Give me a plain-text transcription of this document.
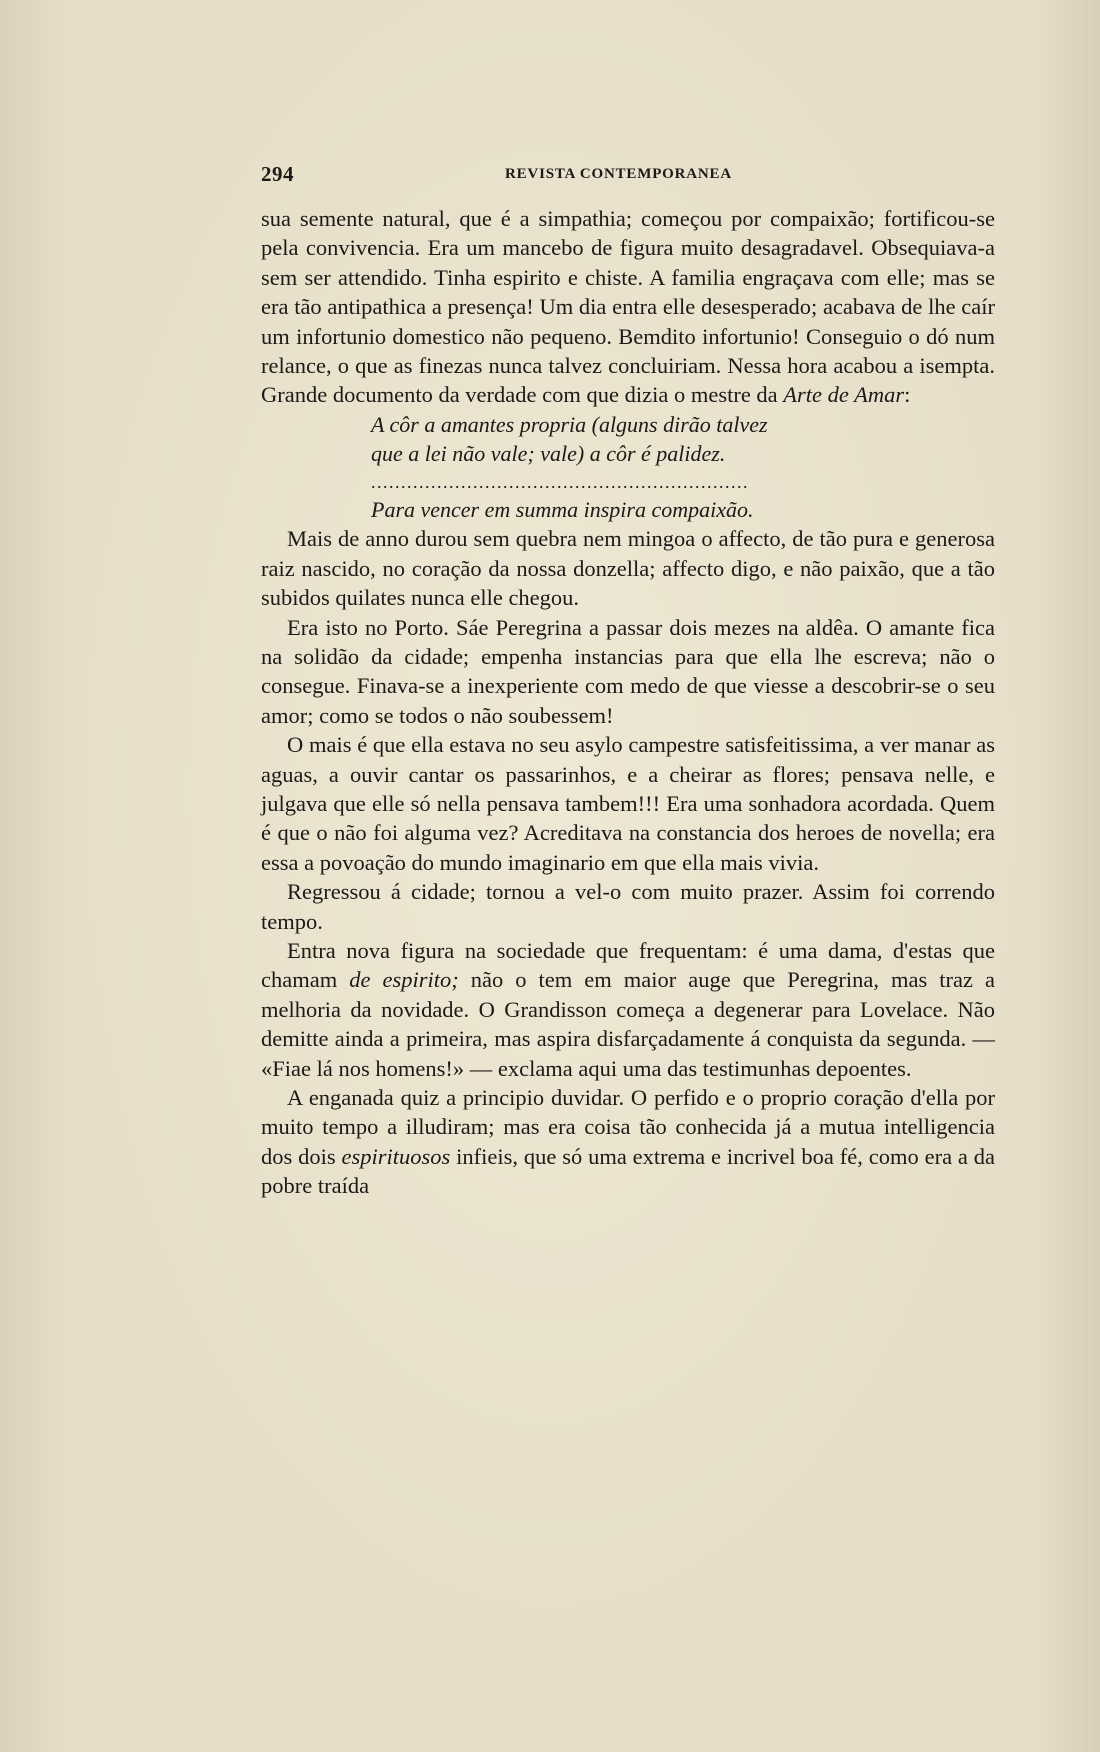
294	REVISTA CONTEMPORANEA

sua semente natural, que é a simpathia; começou por compaixão; fortificou-se pela convivencia. Era um mancebo de figura muito desagradavel. Obsequiava-a sem ser attendido. Tinha espirito e chiste. A familia engraçava com elle; mas se era tão antipathica a presença! Um dia entra elle desesperado; acabava de lhe caír um infortunio domestico não pequeno. Bemdito infortunio! Conseguio o dó num relance, o que as finezas nunca talvez concluiriam. Nessa hora acabou a isempta. Grande documento da verdade com que dizia o mestre da Arte de Amar:

A côr a amantes propria (alguns dirão talvez

que a lei não vale; vale) a côr é palidez.

...............................................................

Para vencer em summa inspira compaixão.

Mais de anno durou sem quebra nem mingoa o affecto, de tão pura e generosa raiz nascido, no coração da nossa donzella; affecto digo, e não paixão, que a tão subidos quilates nunca elle chegou.

Era isto no Porto. Sáe Peregrina a passar dois mezes na aldêa. O amante fica na solidão da cidade; empenha instancias para que ella lhe escreva; não o consegue. Finava-se a inexperiente com medo de que viesse a descobrir-se o seu amor; como se todos o não soubessem!

O mais é que ella estava no seu asylo campestre satisfeitissima, a ver manar as aguas, a ouvir cantar os passarinhos, e a cheirar as flores; pensava nelle, e julgava que elle só nella pensava tambem!!! Era uma sonhadora acordada. Quem é que o não foi alguma vez? Acreditava na constancia dos heroes de novella; era essa a povoação do mundo imaginario em que ella mais vivia.

Regressou á cidade; tornou a vel-o com muito prazer. Assim foi correndo tempo.

Entra nova figura na sociedade que frequentam: é uma dama, d'estas que chamam de espirito; não o tem em maior auge que Peregrina, mas traz a melhoria da novidade. O Grandisson começa a degenerar para Lovelace. Não demitte ainda a primeira, mas aspira disfarçadamente á conquista da segunda. — «Fiae lá nos homens!» — exclama aqui uma das testimunhas depoentes.

A enganada quiz a principio duvidar. O perfido e o proprio coração d'ella por muito tempo a illudiram; mas era coisa tão conhecida já a mutua intelligencia dos dois espirituosos infieis, que só uma extrema e incrivel boa fé, como era a da pobre traída
